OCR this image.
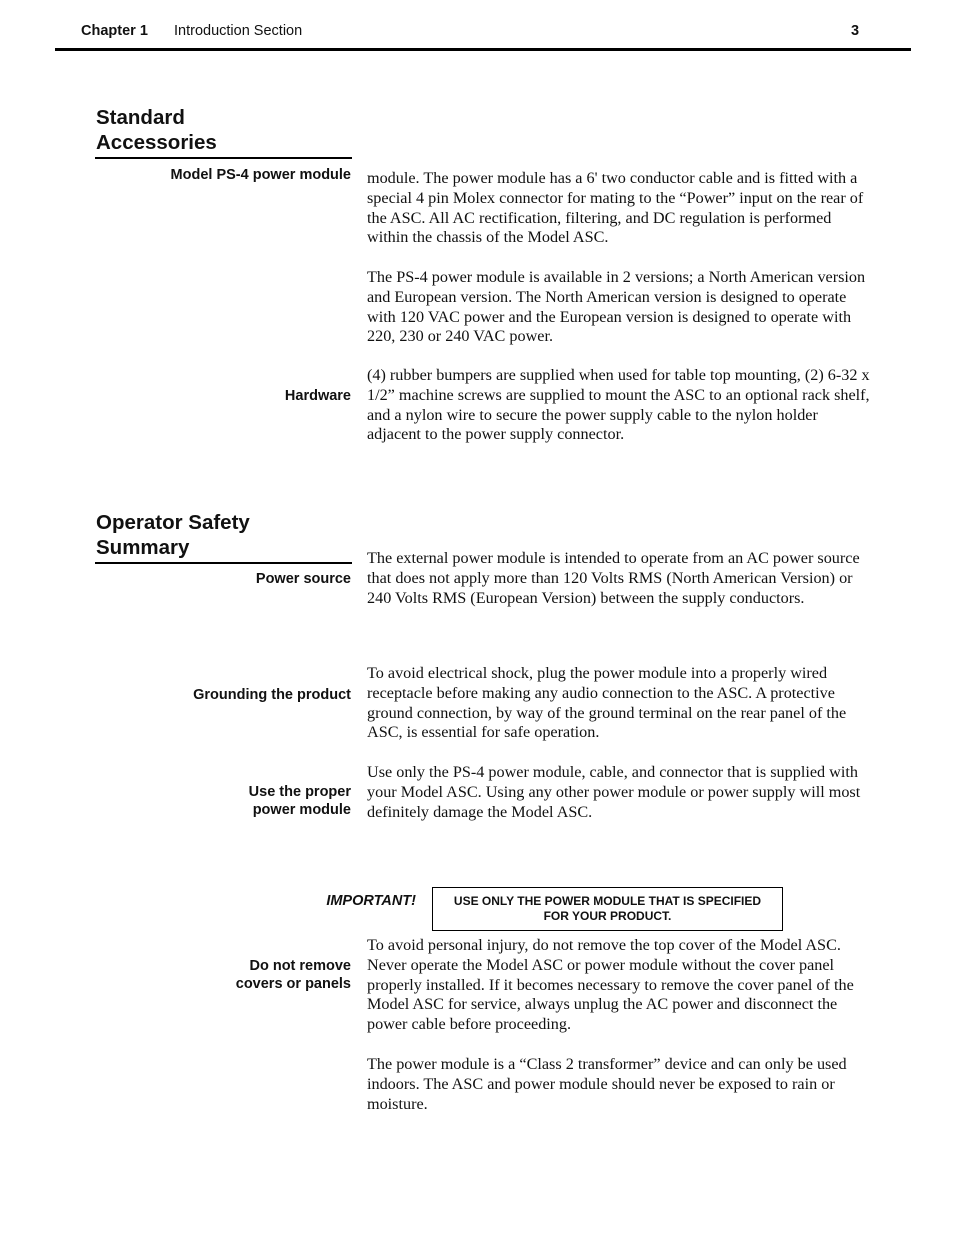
Chapter 1 Introduction Section	3
Standard Accessories
Model PS-4 power module module. The power module has a 6' two conductor cable and is fitted with a special 4 pin Molex connector for mating to the “Power” input on the rear of the ASC. All AC rectification, filtering, and DC regulation is performed within the chassis of the Model ASC.
The PS-4 power module is available in 2 versions; a North American version and European version. The North American version is designed to operate with 120 VAC power and the European version is designed to operate with 220, 230 or 240 VAC power.
Hardware
(4) rubber bumpers are supplied when used for table top mounting, (2) 6-32 x 1/2” machine screws are supplied to mount the ASC to an optional rack shelf, and a nylon wire to secure the power supply cable to the nylon holder adjacent to the power supply connector.
Operator Safety Summary
Power source
The external power module is intended to operate from an AC power source that does not apply more than 120 Volts RMS (North American Version) or 240 Volts RMS (European Version) between the supply conductors.
Grounding the product
To avoid electrical shock, plug the power module into a properly wired receptacle before making any audio connection to the ASC. A protective ground connection, by way of the ground terminal on the rear panel of the ASC, is essential for safe operation.
Use the proper
power module
Use only the PS-4 power module, cable, and connector that is supplied with your Model ASC. Using any other power module or power supply will most definitely damage the Model ASC.
IMPORTANT!	USE ONLY THE POWER MODULE THAT IS SPECIFIED FOR YOUR PRODUCT.
Do not remove
covers or panels
To avoid personal injury, do not remove the top cover of the Model ASC. Never operate the Model ASC or power module without the cover panel properly installed. If it becomes necessary to remove the cover panel of the Model ASC for service, always unplug the AC power and disconnect the power cable before proceeding.
The power module is a “Class 2 transformer” device and can only be used indoors. The ASC and power module should never be exposed to rain or moisture.
